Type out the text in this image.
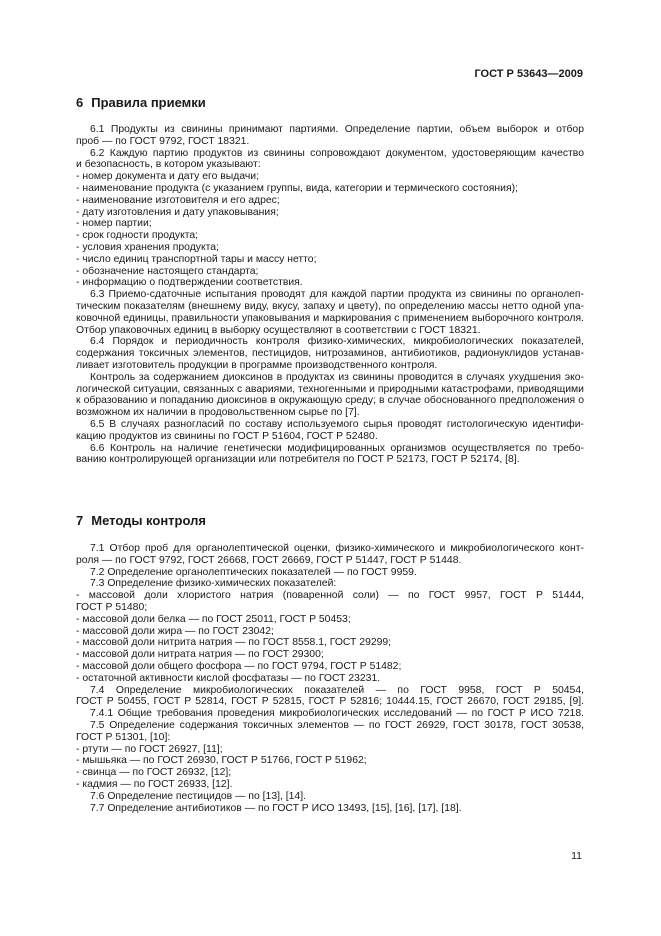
ГОСТ Р 53643—2009
6 Правила приемки
6.1 Продукты из свинины принимают партиями. Определение партии, объем выборок и отбор
проб — по ГОСТ 9792, ГОСТ 18321.
6.2 Каждую партию продуктов из свинины сопровождают документом, удостоверяющим качество
и безопасность, в котором указывают:
- номер документа и дату его выдачи;
- наименование продукта (с указанием группы, вида, категории и термического состояния);
- наименование изготовителя и его адрес;
- дату изготовления и дату упаковывания;
- номер партии;
- срок годности продукта;
- условия хранения продукта;
- число единиц транспортной тары и массу нетто;
- обозначение настоящего стандарта;
- информацию о подтверждении соответствия.
6.3 Приемо-сдаточные испытания проводят для каждой партии продукта из свинины по органолеп-
тическим показателям (внешнему виду, вкусу, запаху и цвету), по определению массы нетто одной упа-
ковочной единицы, правильности упаковывания и маркирования с применением выборочного контроля.
Отбор упаковочных единиц в выборку осуществляют в соответствии с ГОСТ 18321.
6.4 Порядок и периодичность контроля физико-химических, микробиологических показателей,
содержания токсичных элементов, пестицидов, нитрозаминов, антибиотиков, радионуклидов устанав-
ливает изготовитель продукции в программе производственного контроля.
Контроль за содержанием диоксинов в продуктах из свинины проводится в случаях ухудшения эко-
логической ситуации, связанных с авариями, техногенными и природными катастрофами, приводящими
к образованию и попаданию диоксинов в окружающую среду; в случае обоснованного предположения о
возможном их наличии в продовольственном сырье по [7].
6.5 В случаях разногласий по составу используемого сырья проводят гистологическую идентифи-
кацию продуктов из свинины по ГОСТ Р 51604, ГОСТ Р 52480.
6.6 Контроль на наличие генетически модифицированных организмов осуществляется по требо-
ванию контролирующей организации или потребителя по ГОСТ Р 52173, ГОСТ Р 52174, [8].
7 Методы контроля
7.1 Отбор проб для органолептической оценки, физико-химического и микробиологического конт-
роля — по ГОСТ 9792, ГОСТ 26668, ГОСТ 26669, ГОСТ Р 51447, ГОСТ Р 51448.
7.2 Определение органолептических показателей — по ГОСТ 9959.
7.3 Определение физико-химических показателей:
- массовой доли хлористого натрия (поваренной соли) — по ГОСТ 9957, ГОСТ Р 51444,
ГОСТ Р 51480;
- массовой доли белка — по ГОСТ 25011, ГОСТ Р 50453;
- массовой доли жира — по ГОСТ 23042;
- массовой доли нитрита натрия — по ГОСТ 8558.1, ГОСТ 29299;
- массовой доли нитрата натрия — по ГОСТ 29300;
- массовой доли общего фосфора — по ГОСТ 9794, ГОСТ Р 51482;
- остаточной активности кислой фосфатазы — по ГОСТ 23231.
7.4 Определение микробиологических показателей — по ГОСТ 9958, ГОСТ Р 50454,
ГОСТ Р 50455, ГОСТ Р 52814, ГОСТ Р 52815, ГОСТ Р 52816; 10444.15, ГОСТ 26670, ГОСТ 29185, [9].
7.4.1 Общие требования проведения микробиологических исследований — по ГОСТ Р ИСО 7218.
7.5 Определение содержания токсичных элементов — по ГОСТ 26929, ГОСТ 30178, ГОСТ 30538,
ГОСТ Р 51301, [10]:
- ртути — по ГОСТ 26927, [11];
- мышьяка — по ГОСТ 26930, ГОСТ Р 51766, ГОСТ Р 51962;
- свинца — по ГОСТ 26932, [12];
- кадмия — по ГОСТ 26933, [12].
7.6 Определение пестицидов — по [13], [14].
7.7 Определение антибиотиков — по ГОСТ Р ИСО 13493, [15], [16], [17], [18].
11
